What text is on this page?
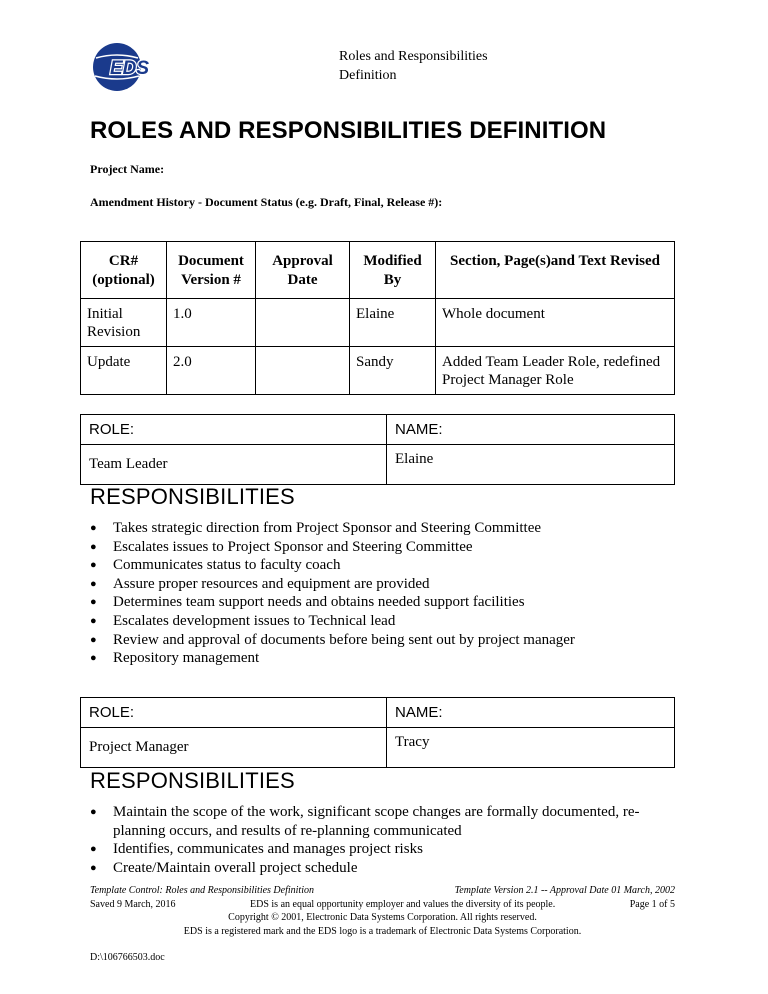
EDS
Roles and Responsibilities
Definition
ROLES AND RESPONSIBILITIES DEFINITION
Project Name:
Amendment History - Document Status (e.g. Draft, Final, Release #):
CR# (optional)	Document Version #	Approval Date	Modified By	Section, Page(s)and Text Revised
Initial Revision	1.0		Elaine	Whole document
Update	2.0		Sandy	Added Team Leader Role, redefined Project Manager Role
ROLE:	NAME:
Team Leader	Elaine
RESPONSIBILITIES
● Takes strategic direction from Project Sponsor and Steering Committee
● Escalates issues to Project Sponsor and Steering Committee
● Communicates status to faculty coach
● Assure proper resources and equipment are provided
● Determines team support needs and obtains needed support facilities
● Escalates development issues to Technical lead
● Review and approval of documents before being sent out by project manager
● Repository management
ROLE:	NAME:
Project Manager	Tracy
RESPONSIBILITIES
● Maintain the scope of the work, significant scope changes are formally documented, re-planning occurs, and results of re-planning communicated
● Identifies, communicates and manages project risks
● Create/Maintain overall project schedule
Template Control: Roles and Responsibilities Definition	Template Version 2.1 -- Approval Date 01 March, 2002
Saved 9 March, 2016	EDS is an equal opportunity employer and values the diversity of its people.	Page 1 of 5
Copyright © 2001, Electronic Data Systems Corporation. All rights reserved.
EDS is a registered mark and the EDS logo is a trademark of Electronic Data Systems Corporation.
D:\106766503.doc
